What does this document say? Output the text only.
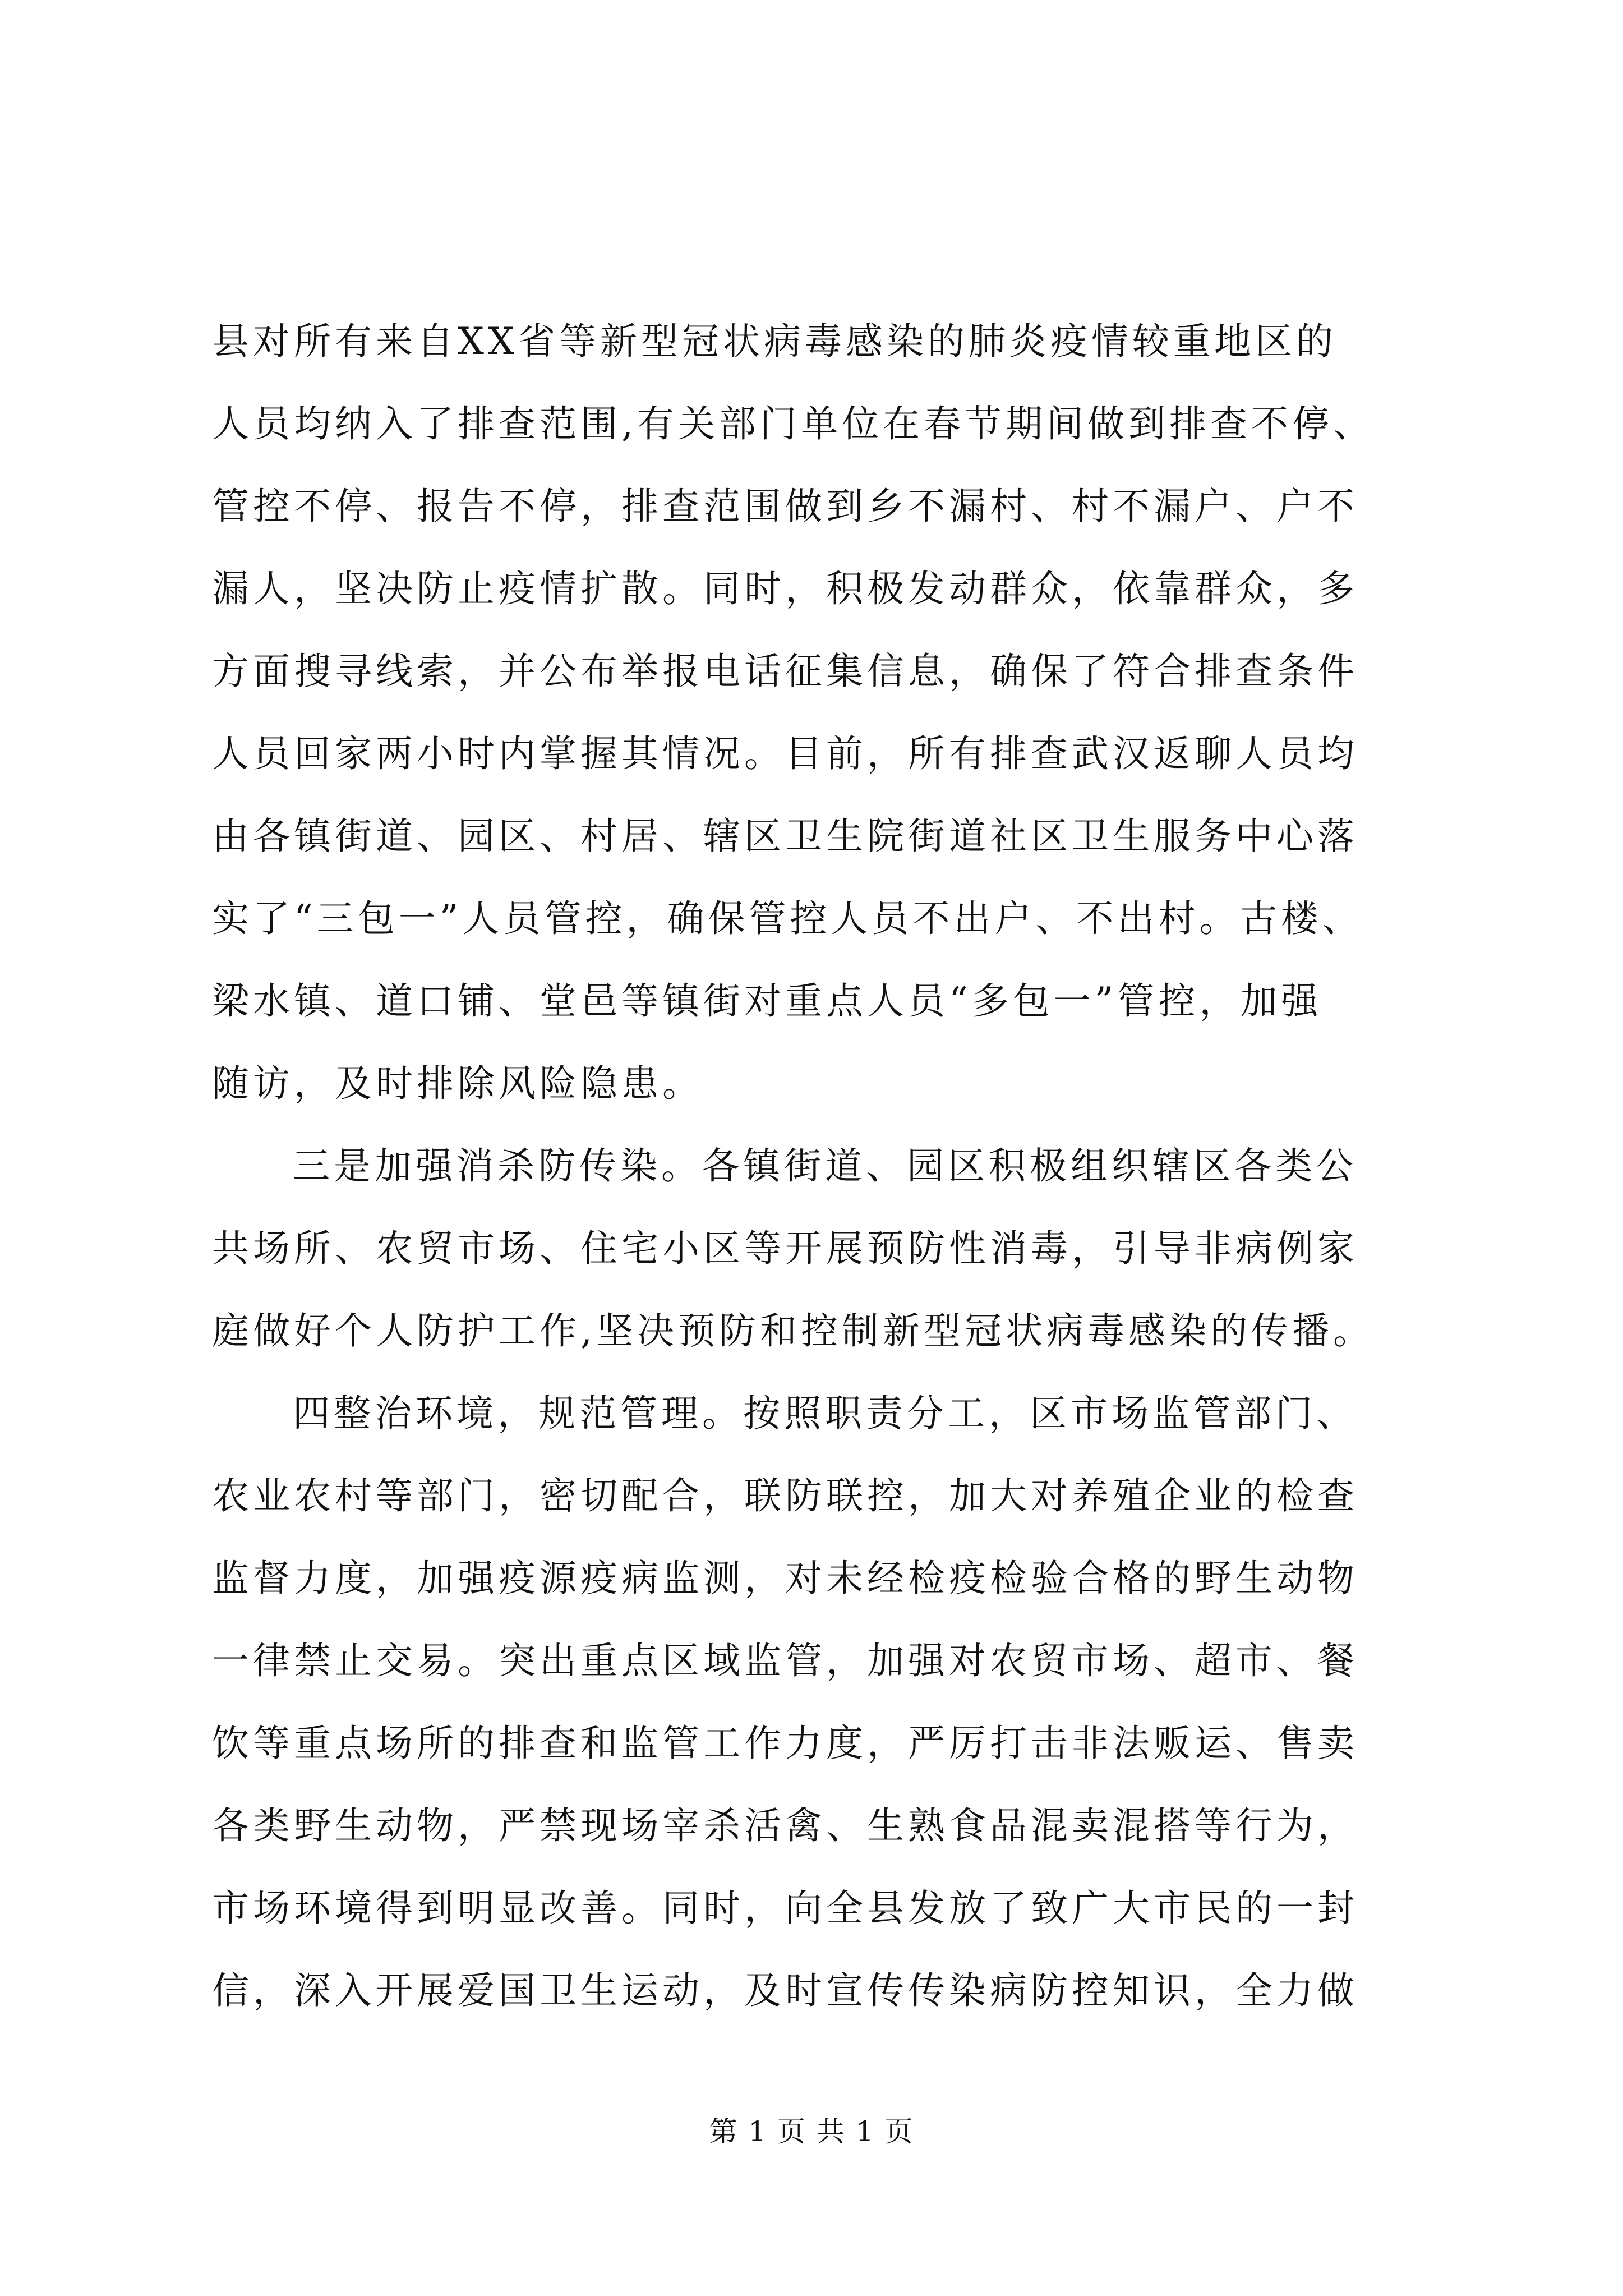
县对所有来自XX省等新型冠状病毒感染的肺炎疫情较重地区的
人员均纳入了排查范围,有关部门单位在春节期间做到排查不停、
管控不停、报告不停，排查范围做到乡不漏村、村不漏户、户不
漏人，坚决防止疫情扩散。同时，积极发动群众，依靠群众，多
方面搜寻线索，并公布举报电话征集信息，确保了符合排查条件
人员回家两小时内掌握其情况。目前，所有排查武汉返聊人员均
由各镇街道、园区、村居、辖区卫生院街道社区卫生服务中心落
实了“三包一”人员管控，确保管控人员不出户、不出村。古楼、
梁水镇、道口铺、堂邑等镇街对重点人员“多包一”管控，加强
随访，及时排除风险隐患。
三是加强消杀防传染。各镇街道、园区积极组织辖区各类公
共场所、农贸市场、住宅小区等开展预防性消毒，引导非病例家
庭做好个人防护工作,坚决预防和控制新型冠状病毒感染的传播。
四整治环境，规范管理。按照职责分工，区市场监管部门、
农业农村等部门，密切配合，联防联控，加大对养殖企业的检查
监督力度，加强疫源疫病监测，对未经检疫检验合格的野生动物
一律禁止交易。突出重点区域监管，加强对农贸市场、超市、餐
饮等重点场所的排查和监管工作力度，严厉打击非法贩运、售卖
各类野生动物，严禁现场宰杀活禽、生熟食品混卖混搭等行为，
市场环境得到明显改善。同时，向全县发放了致广大市民的一封
信，深入开展爱国卫生运动，及时宣传传染病防控知识，全力做
第 1 页 共 1 页
